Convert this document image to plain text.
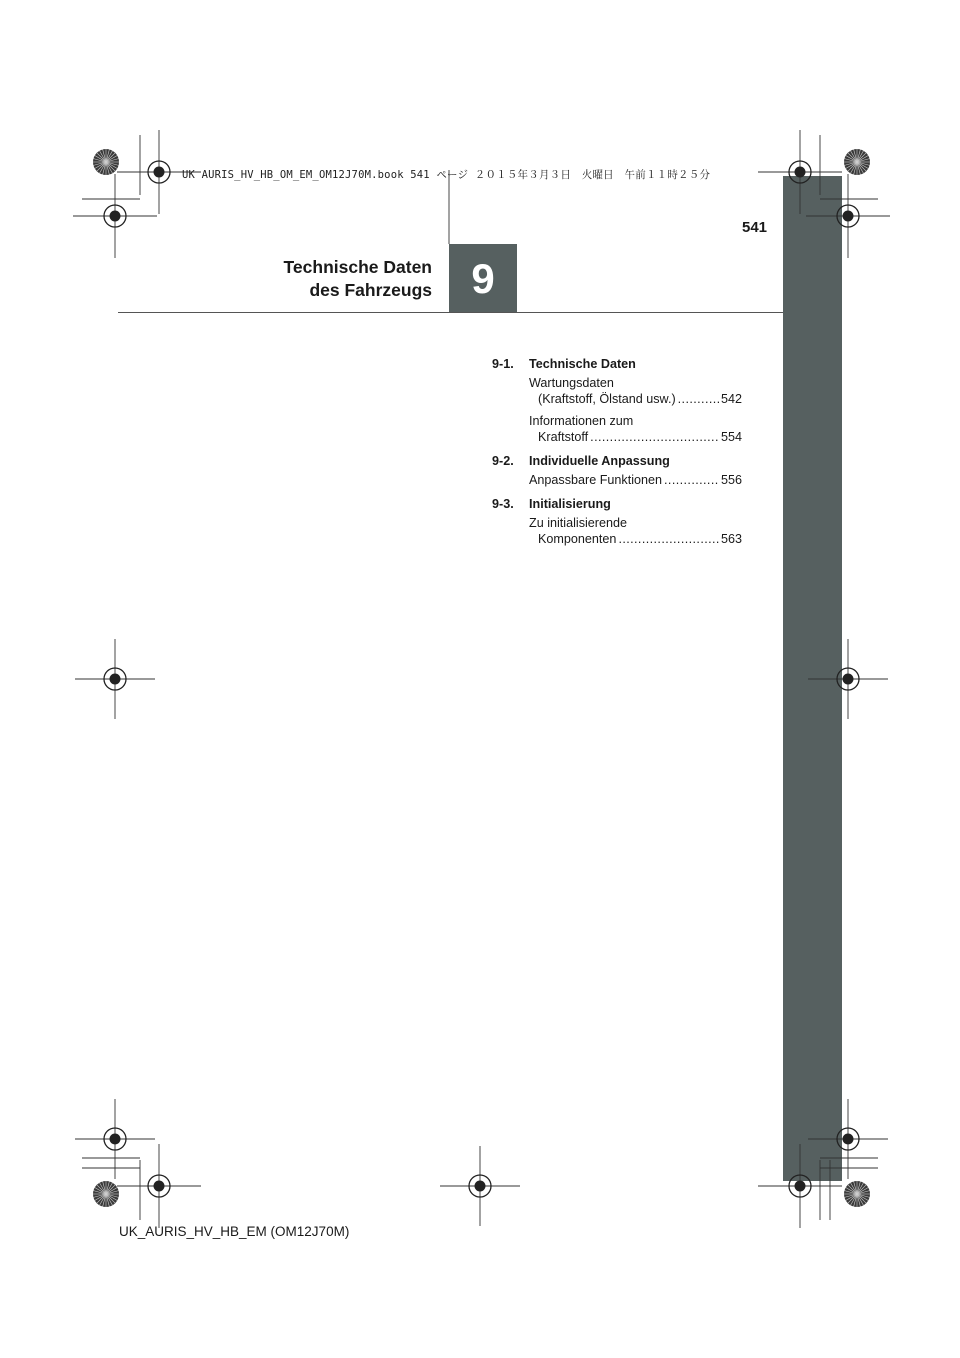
UK AURIS_HV_HB_OM_EM_OM12J70M.book 541 ページ ２０１５年３月３日　火曜日　午前１１時２５分
541
Technische Daten
des Fahrzeugs 9
9-1.	Technische Daten
Wartungsdaten
(Kraftstoff, Ölstand usw.) .....	542
Informationen zum
Kraftstoff .....	554
9-2.	Individuelle Anpassung
Anpassbare Funktionen .....	556
9-3.	Initialisierung
Zu initialisierende
Komponenten .....	563
UK_AURIS_HV_HB_EM (OM12J70M)
